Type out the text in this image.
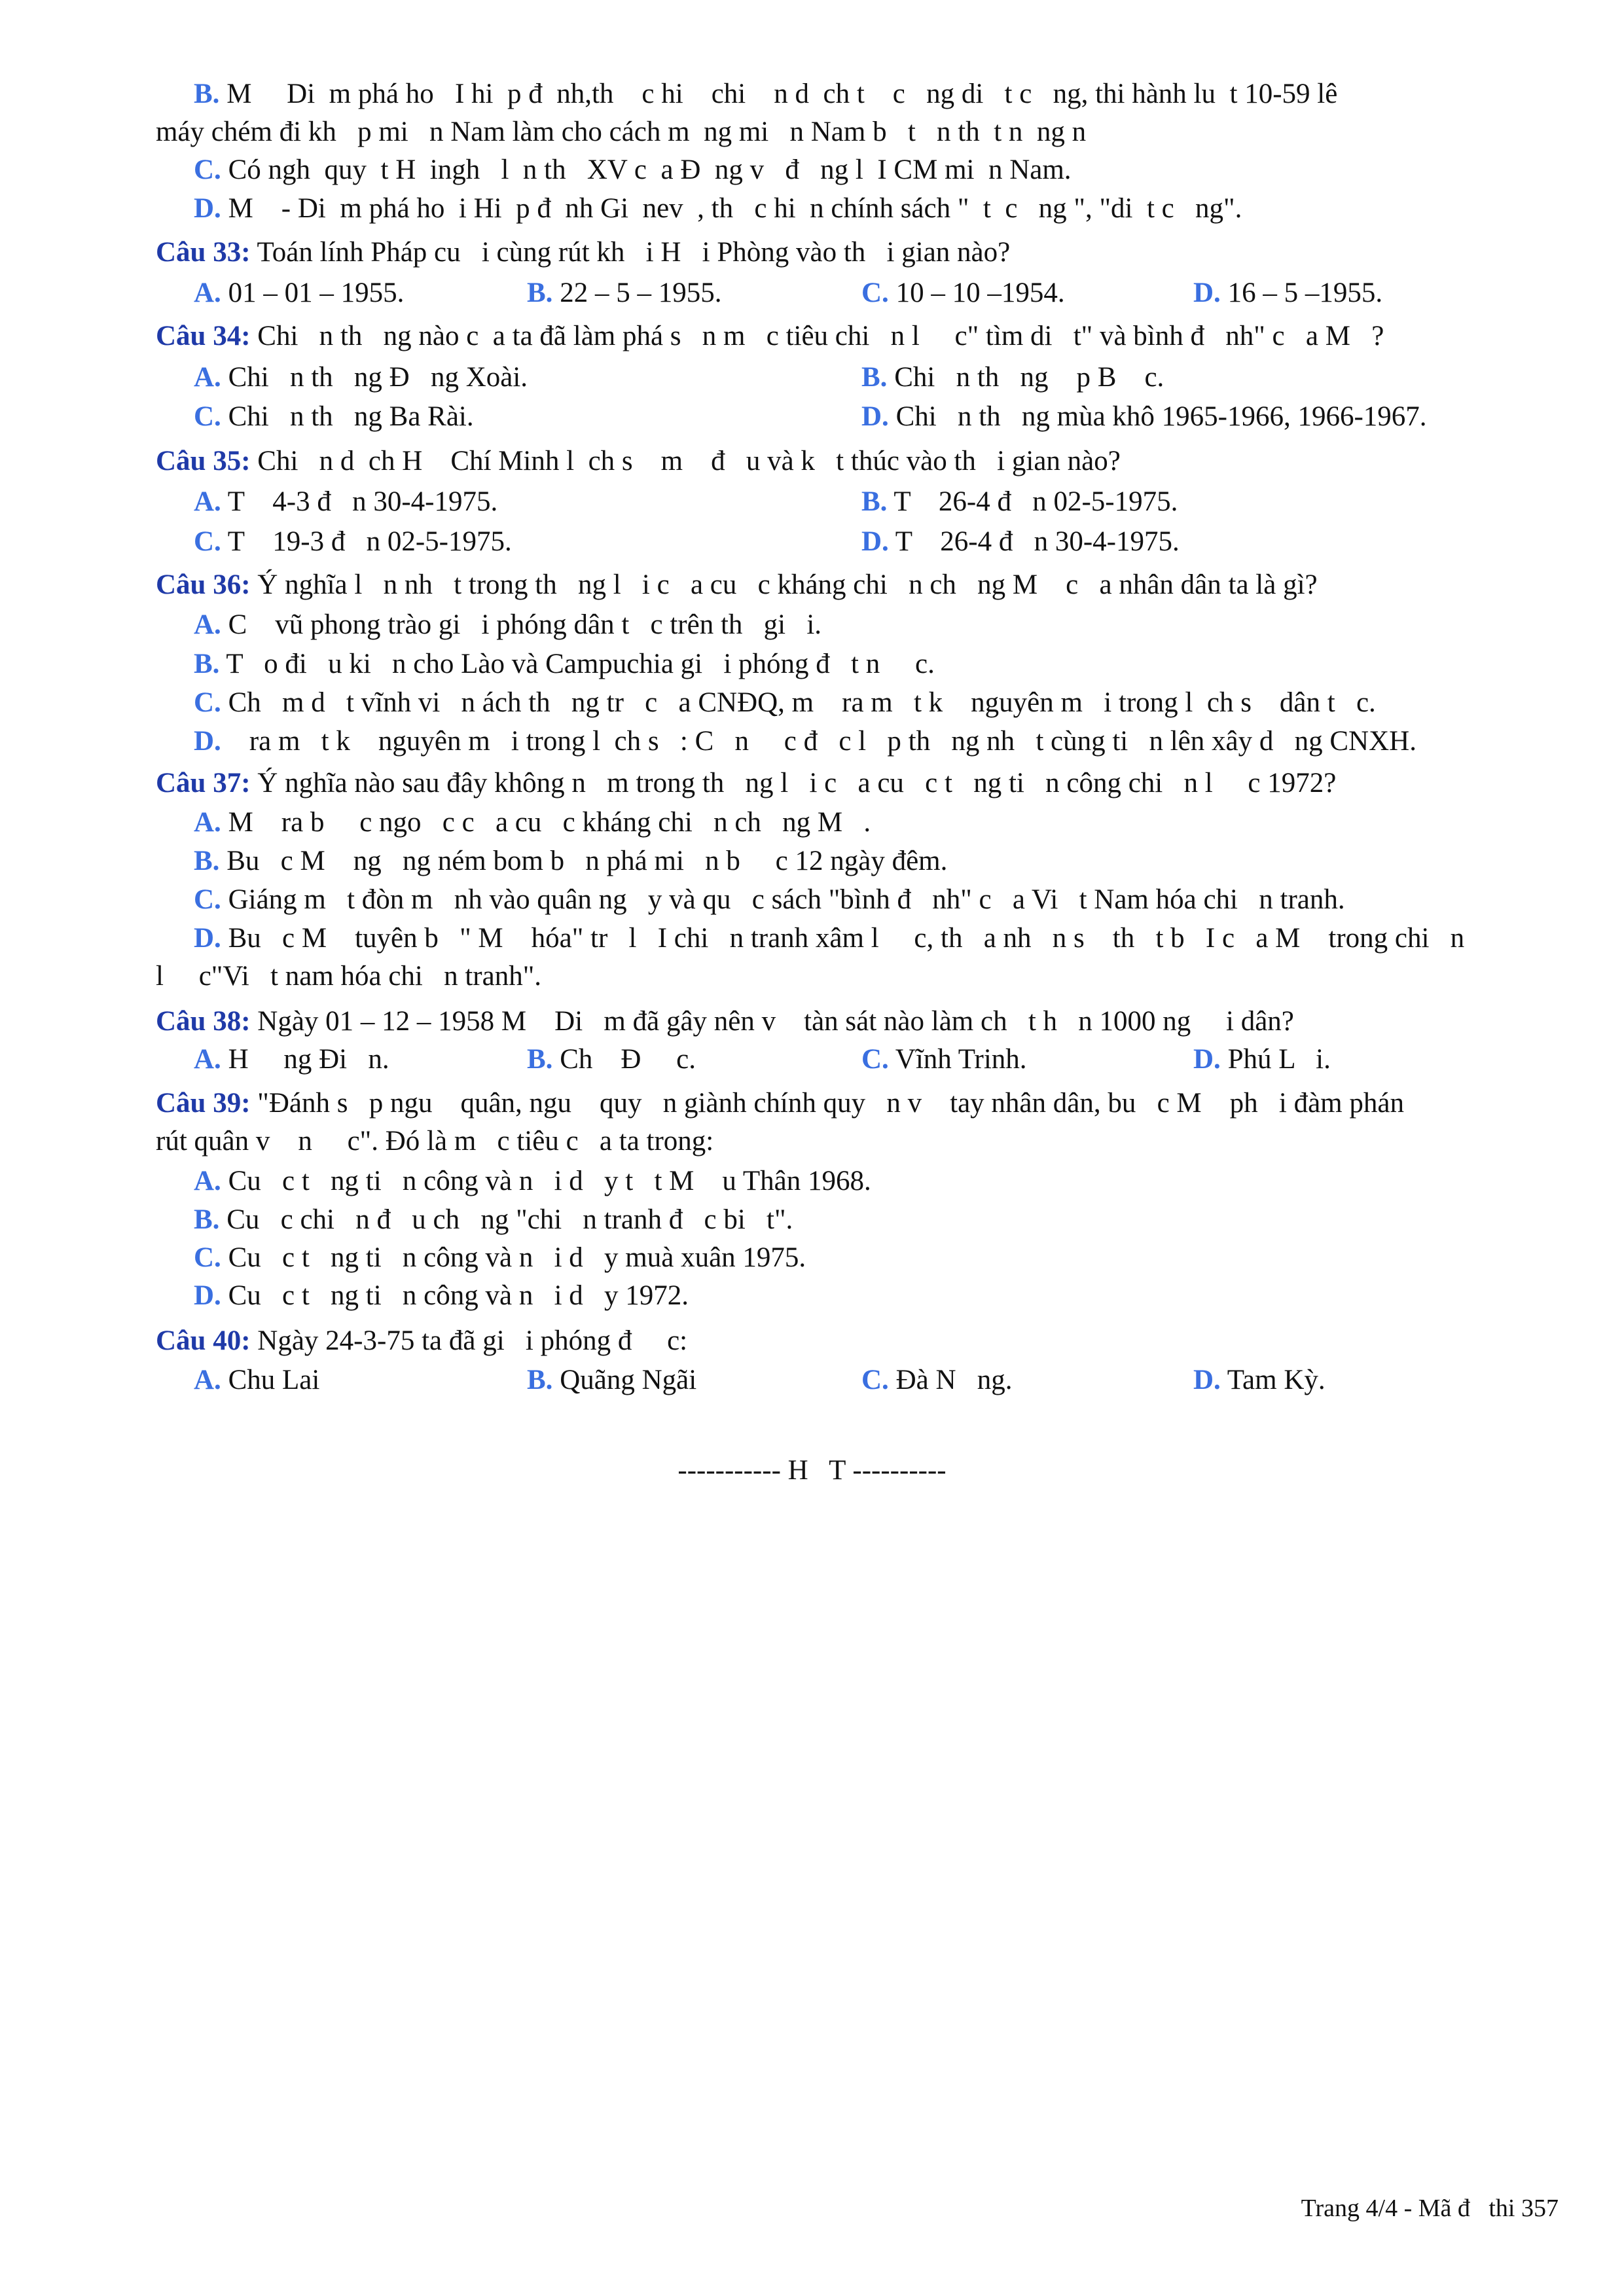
B. M     Di  m phá ho   I hi  p đ  nh,th    c hi    chi    n d  ch t    c   ng di   t c   ng, thi hành lu  t 10-59 lê
máy chém đi kh   p mi   n Nam làm cho cách m  ng mi   n Nam b   t   n th  t n  ng n
C. Có ngh  quy  t H  ingh   l  n th   XV c  a Đ  ng v   đ   ng l  I CM mi  n Nam.
D. M    - Di  m phá ho  i Hi  p đ  nh Gi  nev  , th   c hi  n chính sách "  t  c   ng ", "di  t c   ng".
Câu 33: Toán lính Pháp cu   i cùng rút kh   i H   i Phòng vào th   i gian nào?
A. 01 – 01 – 1955.	B. 22 – 5 – 1955.	C. 10 – 10 –1954.	D. 16 – 5 –1955.
Câu 34: Chi   n th   ng nào c  a ta đã làm phá s   n m   c tiêu chi   n l     c" tìm di   t" và bình đ   nh" c   a M   ?
A. Chi   n th   ng Đ   ng Xoài.	B. Chi   n th   ng    p B    c.
C. Chi   n th   ng Ba Rài.	D. Chi   n th   ng mùa khô 1965-1966, 1966-1967.
Câu 35: Chi   n d  ch H    Chí Minh l  ch s    m    đ   u và k   t thúc vào th   i gian nào?
A. T    4-3 đ   n 30-4-1975.	B. T    26-4 đ   n 02-5-1975.
C. T    19-3 đ   n 02-5-1975.	D. T    26-4 đ   n 30-4-1975.
Câu 36: Ý nghĩa l   n nh   t trong th   ng l   i c   a cu   c kháng chi   n ch   ng M    c   a nhân dân ta là gì?
A. C    vũ phong trào gi   i phóng dân t   c trên th   gi   i.
B. T   o đi   u ki   n cho Lào và Campuchia gi   i phóng đ   t n     c.
C. Ch   m d   t vĩnh vi   n ách th   ng tr   c   a CNĐQ, m    ra m   t k    nguyên m   i trong l  ch s    dân t   c.
D.    ra m   t k    nguyên m   i trong l  ch s   : C   n     c đ   c l   p th   ng nh   t cùng ti   n lên xây d   ng CNXH.
Câu 37: Ý nghĩa nào sau đây không n   m trong th   ng l   i c   a cu   c t   ng ti   n công chi   n l     c 1972?
A. M    ra b     c ngo   c c   a cu   c kháng chi   n ch   ng M   .
B. Bu   c M    ng   ng ném bom b   n phá mi   n b     c 12 ngày đêm.
C. Giáng m   t đòn m   nh vào quân ng   y và qu   c sách "bình đ   nh" c   a Vi   t Nam hóa chi   n tranh.
D. Bu   c M    tuyên b   " M    hóa" tr   l   I chi   n tranh xâm l     c, th   a nh   n s    th   t b   I c   a M    trong chi   n
l     c"Vi   t nam hóa chi   n tranh".
Câu 38: Ngày 01 – 12 – 1958 M    Di   m đã gây nên v    tàn sát nào làm ch   t h   n 1000 ng     i dân?
A. H     ng Đi   n.	B. Ch    Đ     c.	C. Vĩnh Trinh.	D. Phú L   i.
Câu 39: "Đánh s   p ngu    quân, ngu    quy   n giành chính quy   n v    tay nhân dân, bu   c M    ph   i đàm phán
rút quân v    n     c". Đó là m   c tiêu c   a ta trong:
A. Cu   c t   ng ti   n công và n   i d   y t   t M    u Thân 1968.
B. Cu   c chi   n đ   u ch   ng "chi   n tranh đ   c bi   t".
C. Cu   c t   ng ti   n công và n   i d   y muà xuân 1975.
D. Cu   c t   ng ti   n công và n   i d   y 1972.
Câu 40: Ngày 24-3-75 ta đã gi   i phóng đ     c:
A. Chu Lai	B. Quãng Ngãi	C. Đà N   ng.	D. Tam Kỳ.
----------- H   T ----------
Trang 4/4 - Mã đ   thi 357
